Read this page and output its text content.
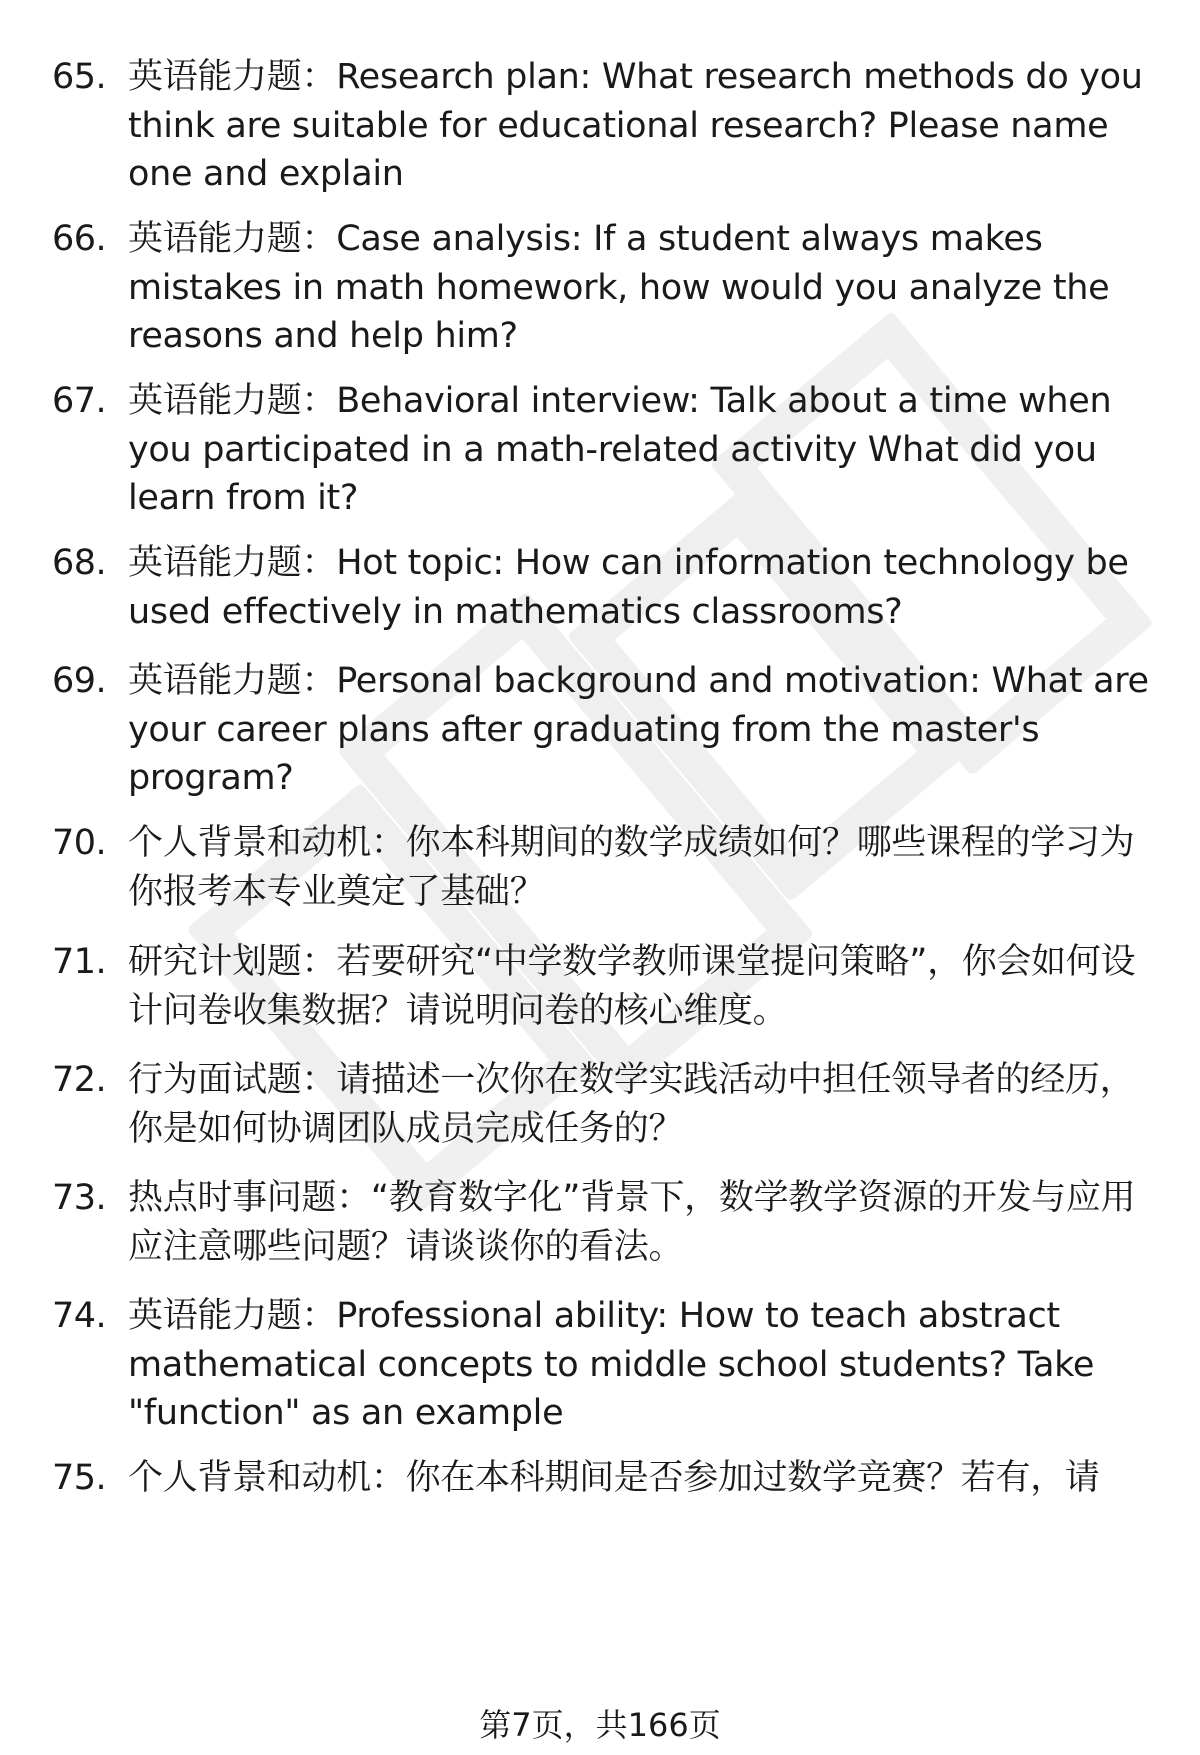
65. 英语能力题：Research plan: What research methods do you think are suitable for educational research? Please name one and explain
66. 英语能力题：Case analysis: If a student always makes mistakes in math homework, how would you analyze the reasons and help him?
67. 英语能力题：Behavioral interview: Talk about a time when you participated in a math-related activity What did you learn from it?
68. 英语能力题：Hot topic: How can information technology be used effectively in mathematics classrooms?
69. 英语能力题：Personal background and motivation: What are your career plans after graduating from the master's program?
70. 个人背景和动机：你本科期间的数学成绩如何？哪些课程的学习为你报考本专业奠定了基础？
71. 研究计划题：若要研究“中学数学教师课堂提问策略”，你会如何设计问卷收集数据？请说明问卷的核心维度。
72. 行为面试题：请描述一次你在数学实践活动中担任领导者的经历，你是如何协调团队成员完成任务的？
73. 热点时事问题：“教育数字化”背景下，数学教学资源的开发与应用应注意哪些问题？请谈谈你的看法。
74. 英语能力题：Professional ability: How to teach abstract mathematical concepts to middle school students? Take "function" as an example
75. 个人背景和动机：你在本科期间是否参加过数学竞赛？若有，请
第7页，共166页
